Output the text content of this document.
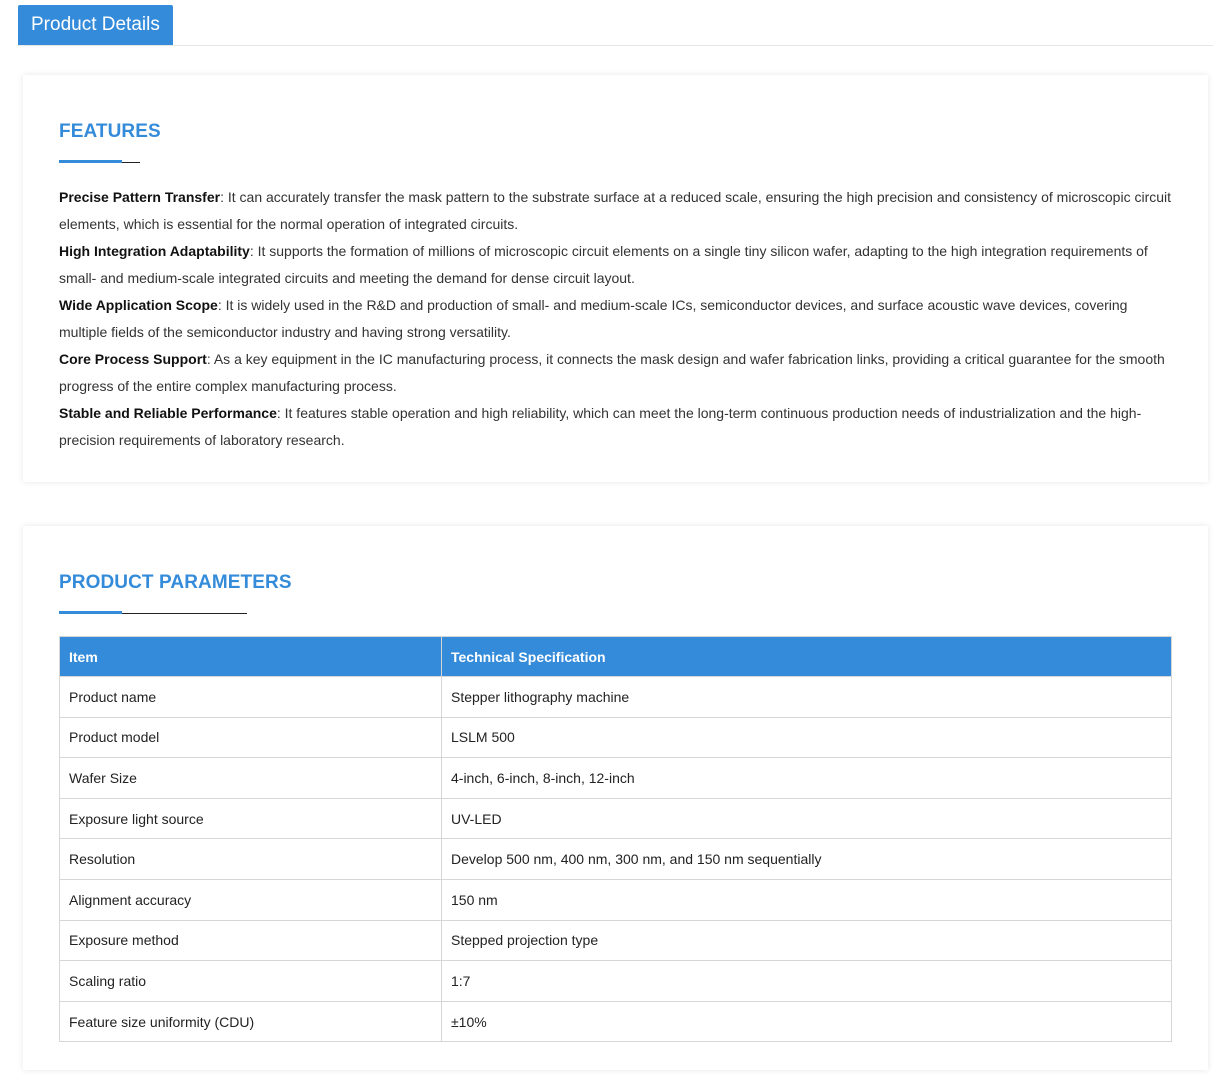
Product Details
FEATURES

Precise Pattern Transfer: It can accurately transfer the mask pattern to the substrate surface at a reduced scale, ensuring the high precision and consistency of microscopic circuit elements, which is essential for the normal operation of integrated circuits.

High Integration Adaptability: It supports the formation of millions of microscopic circuit elements on a single tiny silicon wafer, adapting to the high integration requirements of small- and medium-scale integrated circuits and meeting the demand for dense circuit layout.

Wide Application Scope: It is widely used in the R&D and production of small- and medium-scale ICs, semiconductor devices, and surface acoustic wave devices, covering multiple fields of the semiconductor industry and having strong versatility.

Core Process Support: As a key equipment in the IC manufacturing process, it connects the mask design and wafer fabrication links, providing a critical guarantee for the smooth progress of the entire complex manufacturing process.

Stable and Reliable Performance: It features stable operation and high reliability, which can meet the long-term continuous production needs of industrialization and the high-precision requirements of laboratory research.

PRODUCT PARAMETERS
Item	Technical Specification
Product name	Stepper lithography machine
Product model	LSLM 500
Wafer Size	4-inch, 6-inch, 8-inch, 12-inch
Exposure light source	UV-LED
Resolution	Develop 500 nm, 400 nm, 300 nm, and 150 nm sequentially
Alignment accuracy	150 nm
Exposure method	Stepped projection type
Scaling ratio	1:7
Feature size uniformity (CDU)	±10%
